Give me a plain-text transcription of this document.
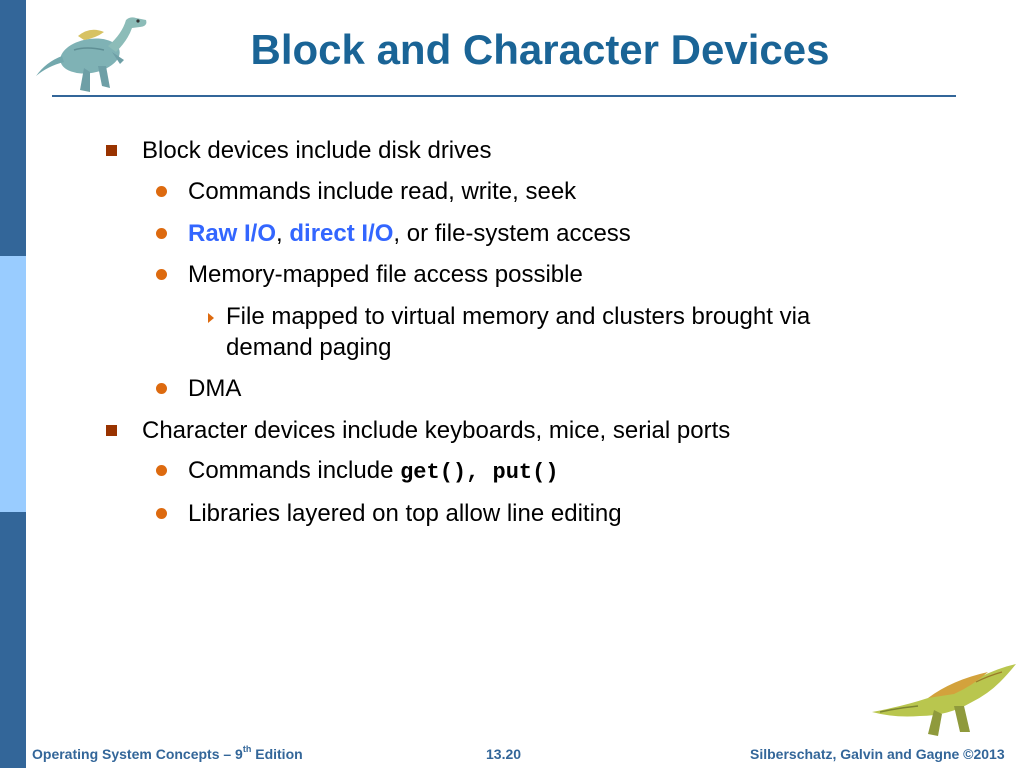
Block and Character Devices
Block devices include disk drives
Commands include read, write, seek
Raw I/O, direct I/O, or file-system access
Memory-mapped file access possible
File mapped to virtual memory and clusters brought via
demand paging
DMA
Character devices include keyboards, mice, serial ports
Commands include get(), put()
Libraries layered on top allow line editing
Operating System Concepts – 9th Edition	13.20	Silberschatz, Galvin and Gagne ©2013
